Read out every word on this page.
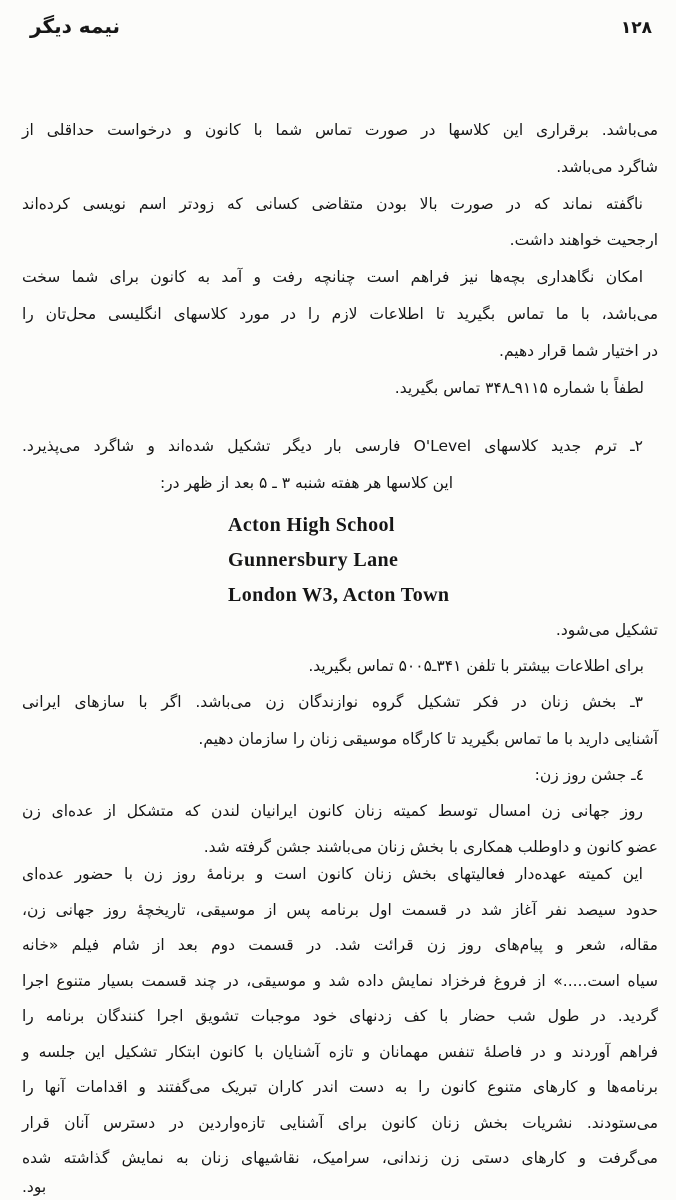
نیمه دیگر	۱۲۸
می‌باشد. برقراری این کلاسها در صورت تماس شما با کانون و درخواست حداقلی از
شاگرد می‌باشد.
ناگفته نماند که در صورت بالا بودن متقاضی کسانی که زودتر اسم نویسی کرده‌اند
ارجحیت خواهند داشت.
امکان نگاهداری بچه‌ها نیز فراهم است چنانچه رفت و آمد به کانون برای شما سخت
می‌باشد، با ما تماس بگیرید تا اطلاعات لازم را در مورد کلاسهای انگلیسی محل‌تان را
در اختیار شما قرار دهیم.
لطفاً با شماره ‭۳۴۸ـ۹۱۱۵‬ تماس بگیرید.
۲ـ ترم جدید کلاسهای O'Level فارسی بار دیگر تشکیل شده‌اند و شاگرد می‌پذیرد.
این کلاسها هر هفته شنبه ‭۵ ـ ۳‬ بعد از ظهر در:
Acton High School
Gunnersbury Lane
London W3, Acton Town
تشکیل می‌شود.
برای اطلاعات بیشتر با تلفن ‭۵۰۰۵ـ۳۴۱‬ تماس بگیرید.
۳ـ بخش زنان در فکر تشکیل گروه نوازندگان زن می‌باشد. اگر با سازهای ایرانی
آشنایی دارید با ما تماس بگیرید تا کارگاه موسیقی زنان را سازمان دهیم.
٤ـ جشن روز زن:
روز جهانی زن امسال توسط کمیته زنان کانون ایرانیان لندن که متشکل از عده‌ای زن
عضو کانون و داوطلب همکاری با بخش زنان می‌باشند جشن گرفته شد.
این کمیته عهده‌دار فعالیتهای بخش زنان کانون است و برنامهٔ روز زن با حضور عده‌ای
حدود سیصد نفر آغاز شد در قسمت اول برنامه پس از موسیقی، تاریخچهٔ روز جهانی زن،
مقاله، شعر و پیام‌های روز زن قرائت شد. در قسمت دوم بعد از شام فیلم «خانه
سیاه است.....» از فروغ فرخزاد نمایش داده شد و موسیقی، در چند قسمت بسیار متنوع اجرا
گردید. در طول شب حضار با کف زدنهای خود موجبات تشویق اجرا کنندگان برنامه را
فراهم آوردند و در فاصلهٔ تنفس مهمانان و تازه آشنایان با کانون ابتکار تشکیل این جلسه و
برنامه‌ها و کارهای متنوع کانون را به دست اندر کاران تبریک می‌گفتند و اقدامات آنها را
می‌ستودند. نشریات بخش زنان کانون برای آشنایی تازه‌واردین در دسترس آنان قرار
می‌گرفت و کارهای دستی زن زندانی، سرامیک، نقاشیهای زنان به نمایش گذاشته شده
بود.
